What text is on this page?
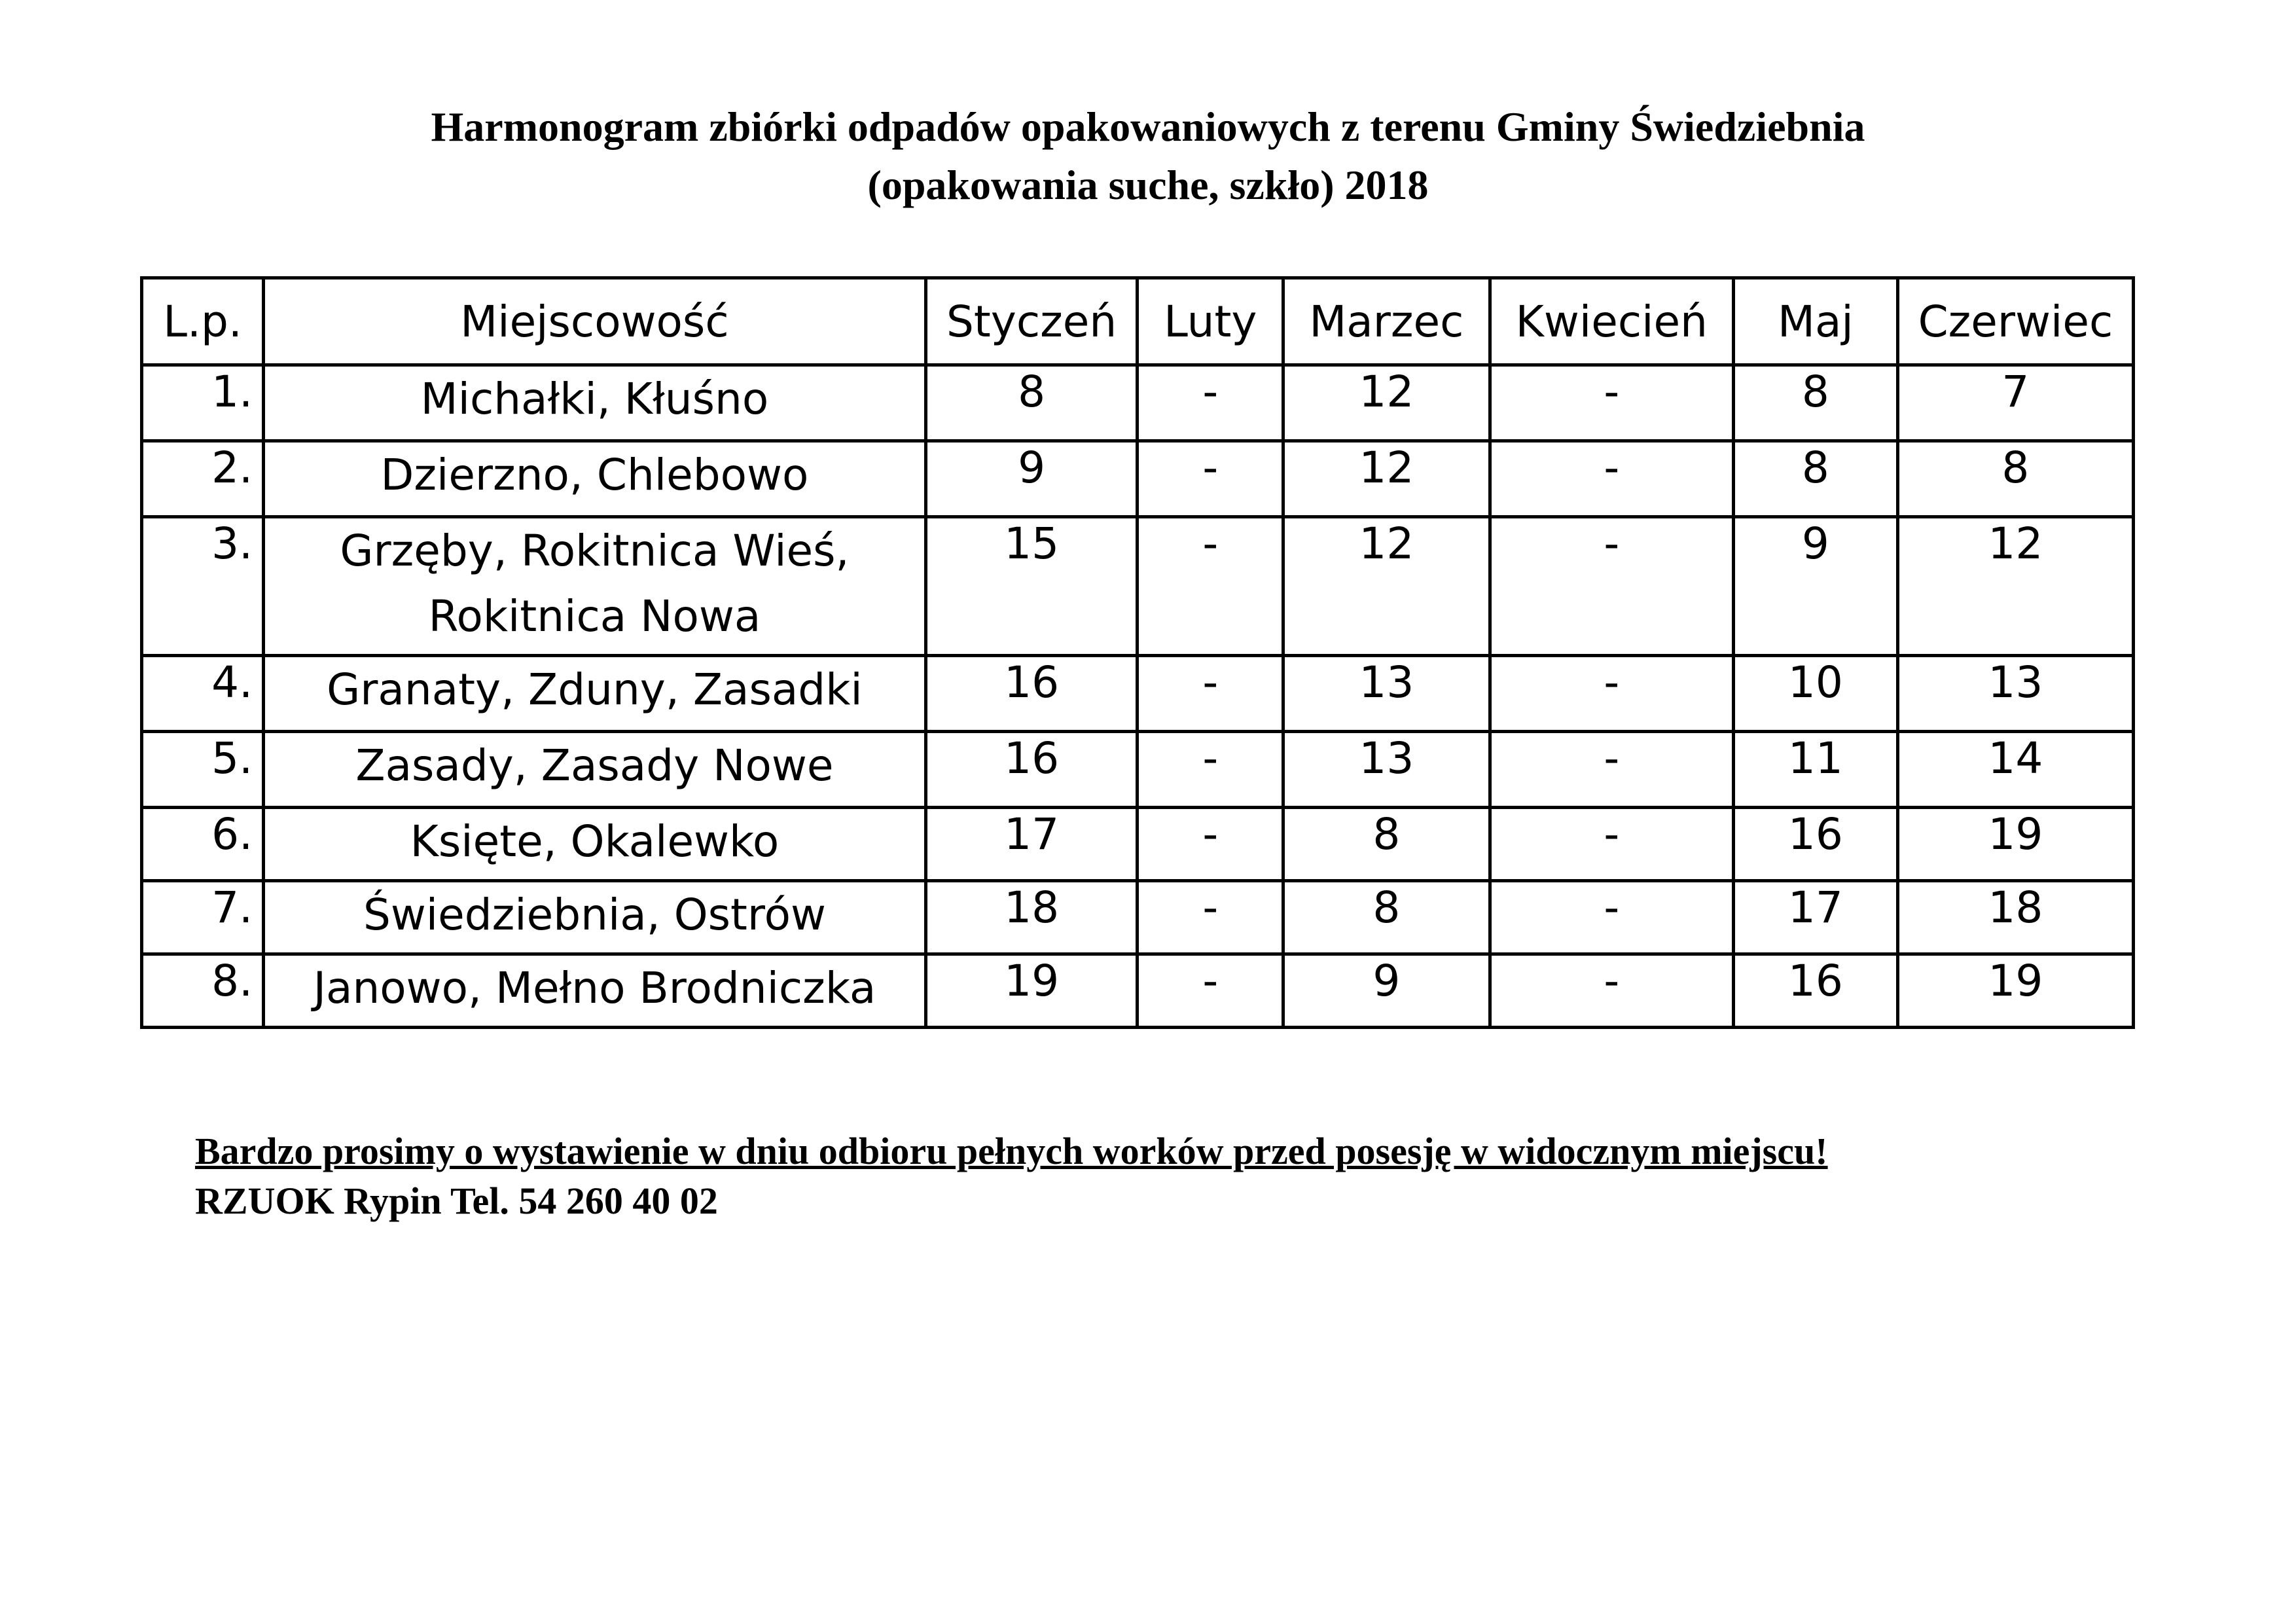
Harmonogram zbiórki odpadów opakowaniowych z terenu Gminy Świedziebnia
(opakowania suche, szkło) 2018
L.p.	Miejscowość	Styczeń	Luty	Marzec	Kwiecień	Maj	Czerwiec
1.	Michałki, Kłuśno	8	-	12	-	8	7
2.	Dzierzno, Chlebowo	9	-	12	-	8	8
3.	Grzęby, Rokitnica Wieś, Rokitnica Nowa	15	-	12	-	9	12
4.	Granaty, Zduny, Zasadki	16	-	13	-	10	13
5.	Zasady, Zasady Nowe	16	-	13	-	11	14
6.	Księte, Okalewko	17	-	8	-	16	19
7.	Świedziebnia, Ostrów	18	-	8	-	17	18
8.	Janowo, Mełno Brodniczka	19	-	9	-	16	19

Bardzo prosimy o wystawienie w dniu odbioru pełnych worków przed posesję w widocznym miejscu!

RZUOK Rypin Tel. 54 260 40 02
